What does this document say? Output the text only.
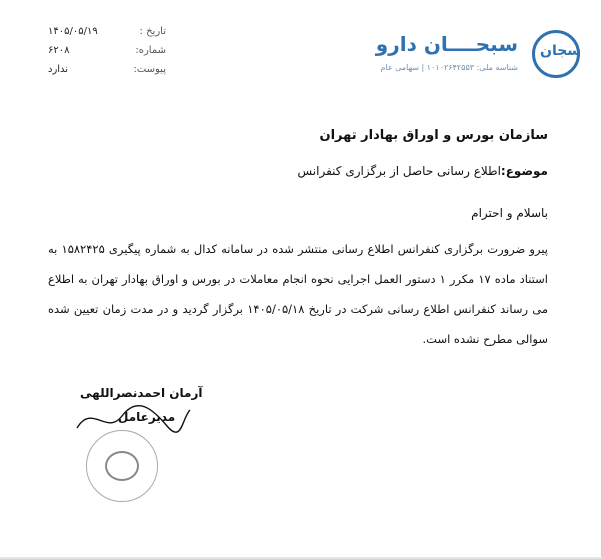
تاریخ :
۱۴۰۵/۰۵/۱۹
شماره:
۶۲۰۸
پیوست:
ندارد
سجان
سبحــــان دارو
شناسه ملی: ۱۰۱۰۲۶۴۲۵۵۳ | سهامی عام
سازمان بورس و اوراق بهادار تهران
موضوع:اطلاع رسانی حاصل از برگزاری کنفرانس
باسلام و احترام
پیرو ضرورت برگزاری کنفرانس اطلاع رسانی منتشر شده در سامانه کدال به شماره پیگیری ۱۵۸۲۴۲۵ به استناد ماده ۱۷ مکرر ۱ دستور العمل اجرایی نحوه انجام معاملات در بورس و اوراق بهادار تهران به اطلاع می رساند کنفرانس اطلاع رسانی شرکت در تاریخ ۱۴۰۵/۰۵/۱۸ برگزار گردید و در مدت زمان تعیین شده سوالی مطرح نشده است.
آرمان احمدنصراللهی
مدیرعامل
